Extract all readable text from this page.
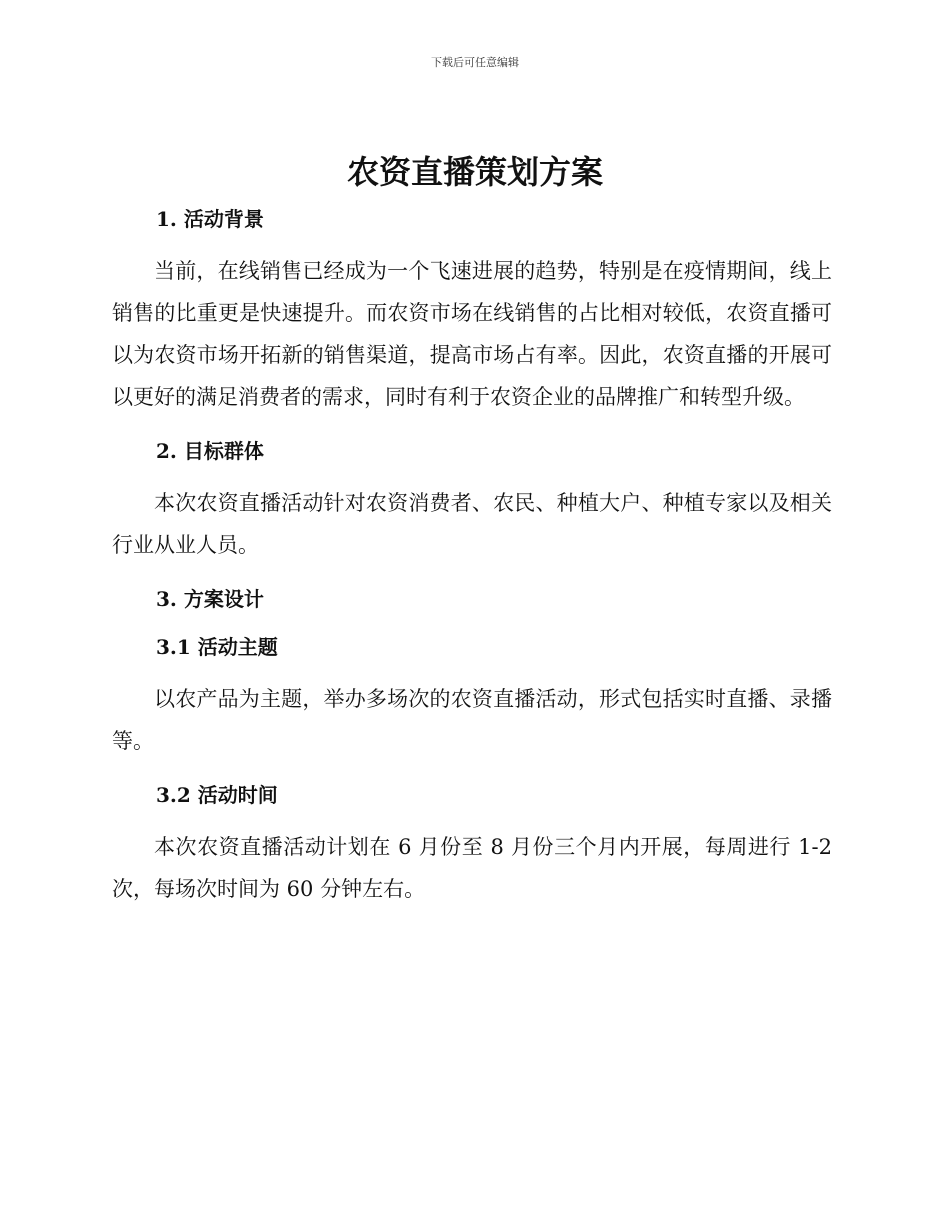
下载后可任意编辑
农资直播策划方案
1. 活动背景

当前，在线销售已经成为一个飞速进展的趋势，特别是在疫情期间，线上销售的比重更是快速提升。而农资市场在线销售的占比相对较低，农资直播可以为农资市场开拓新的销售渠道，提高市场占有率。因此，农资直播的开展可以更好的满足消费者的需求，同时有利于农资企业的品牌推广和转型升级。

2. 目标群体

本次农资直播活动针对农资消费者、农民、种植大户、种植专家以及相关行业从业人员。

3. 方案设计
3.1 活动主题

以农产品为主题，举办多场次的农资直播活动，形式包括实时直播、录播等。

3.2 活动时间

本次农资直播活动计划在 6 月份至 8 月份三个月内开展，每周进行 1-2 次，每场次时间为 60 分钟左右。
